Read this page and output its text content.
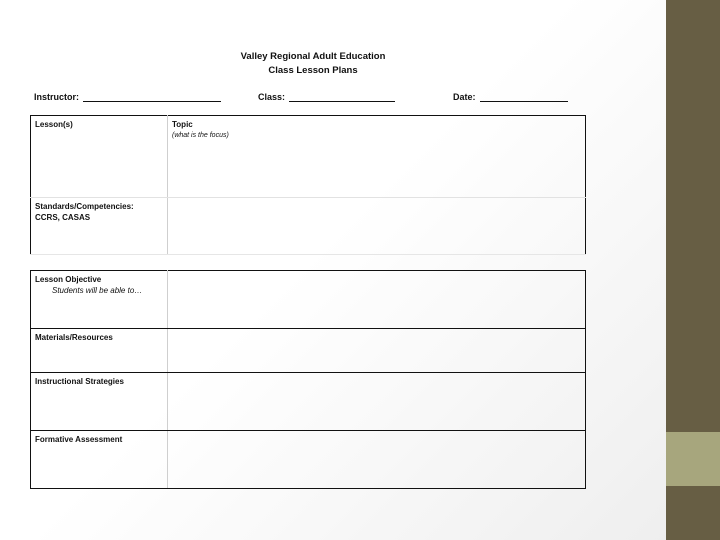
Valley Regional Adult Education
Class Lesson Plans
Instructor:	Class:	Date:
Lesson(s)	Topic
(what is the focus)

Standards/Competencies:
CCRS, CASAS	
Lesson Objective
Students will be able to…	

Materials/Resources	
Instructional Strategies	
Formative Assessment	
